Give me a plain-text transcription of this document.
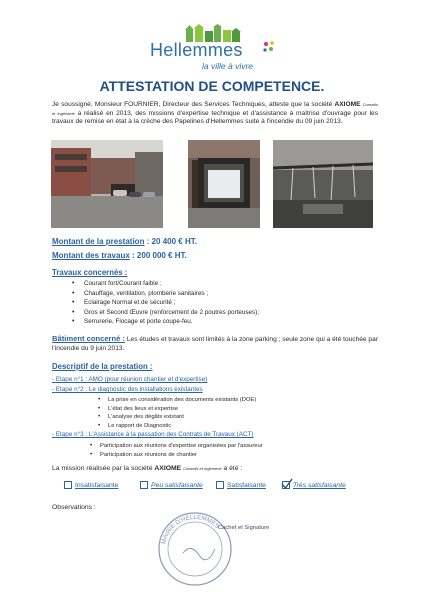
Hellemmes
la ville à vivre
ATTESTATION DE COMPETENCE.
Je soussigné, Monsieur FOURNIER, Directeur des Services Techniques, atteste que la société AXIOME Conseils et Ingénierie a réalisé en 2013, des missions d'expertise technique et d'assistance à maîtrise d'ouvrage pour les travaux de remise en état à la crèche des Papelines d'Hellemmes suite à l'incendie du 09 juin 2013.
Montant de la prestation : 20 400 € HT.
Montant des travaux : 200 000 € HT.
Travaux concernés :
• Courant fort/Courant faible ;
• Chauffage, ventilation, plomberie sanitaires ;
• Eclairage Normal et de sécurité ;
• Gros et Second Œuvre (renforcement de 2 poutres porteuses);
• Serrurerie, Flocage et porte coupe-feu.
Bâtiment concerné : Les études et travaux sont limités à la zone parking ; seule zone qui a été touchée par l'incendie du 9 juin 2013.
Descriptif de la prestation :
- Etape n°1 : AMO (pour réunion chantier et d'expertise)
- Etape n°2 : Le diagnostic des installations existantes
• La prise en considération des documents existants (DOE)
• L'état des lieux et expertise
• L'analyse des dégâts existant
• Le rapport de Diagnostic
- Etape n°3 : L'Assistance à la passation des Contrats de Travaux (ACT)
• Participation aux réunions d'expertise organisées par l'assureur
• Participation aux réunions de chantier
La mission réalisée par la société AXIOME Conseils et Ingénierie a été :
Insatisfaisante	Peu satisfaisante	Satisfaisante	Très satisfaisante
Observations :
MAIRIE D'HELLEMMES
Cachet et Signature
